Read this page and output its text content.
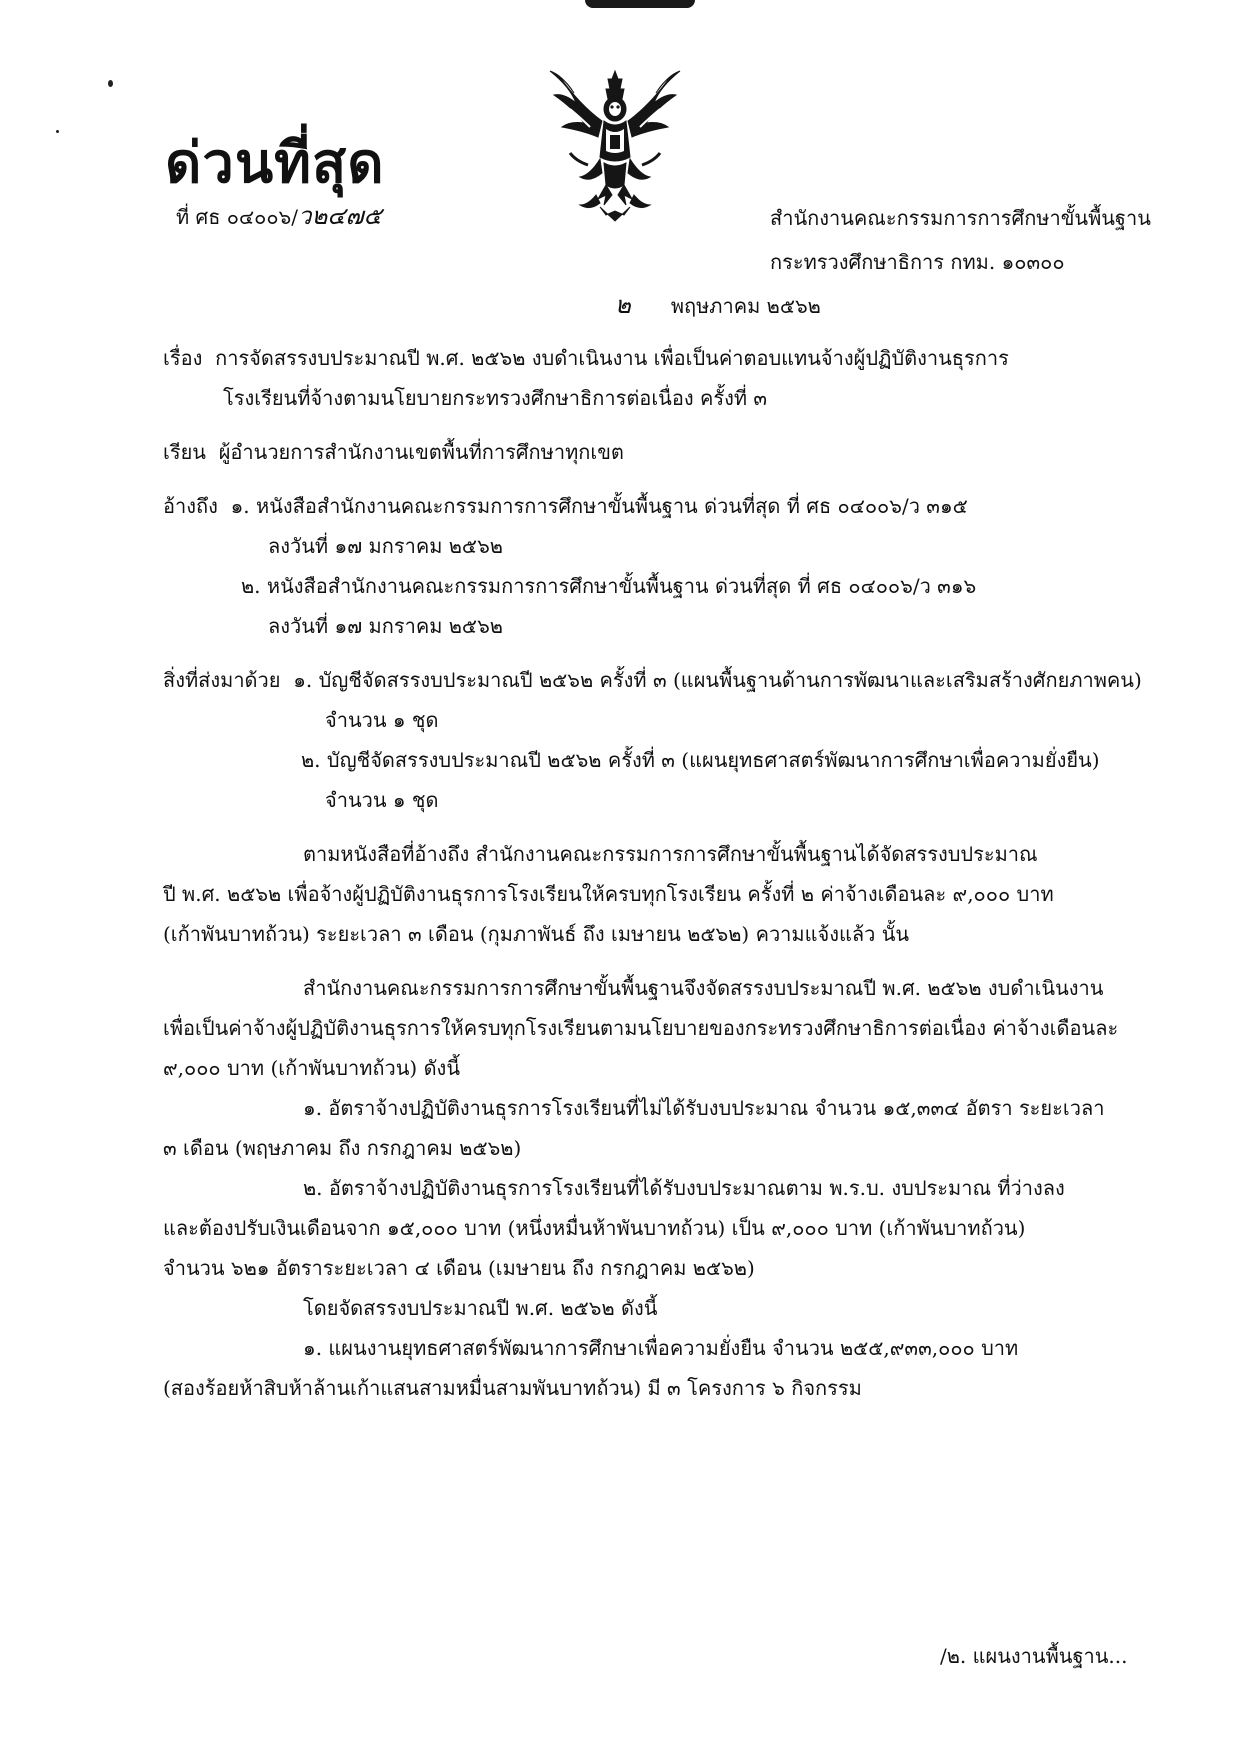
ด่วนที่สุด
ที่ ศธ ๐๔๐๐๖/ว๒๔๗๕	สำนักงานคณะกรรมการการศึกษาขั้นพื้นฐาน
กระทรวงศึกษาธิการ กทม. ๑๐๓๐๐
๒ พฤษภาคม ๒๕๖๒

เรื่อง การจัดสรรงบประมาณปี พ.ศ. ๒๕๖๒ งบดำเนินงาน เพื่อเป็นค่าตอบแทนจ้างผู้ปฏิบัติงานธุรการ

โรงเรียนที่จ้างตามนโยบายกระทรวงศึกษาธิการต่อเนื่อง ครั้งที่ ๓

เรียน ผู้อำนวยการสำนักงานเขตพื้นที่การศึกษาทุกเขต

อ้างถึง ๑. หนังสือสำนักงานคณะกรรมการการศึกษาขั้นพื้นฐาน ด่วนที่สุด ที่ ศธ ๐๔๐๐๖/ว ๓๑๕

ลงวันที่ ๑๗ มกราคม ๒๕๖๒

๒. หนังสือสำนักงานคณะกรรมการการศึกษาขั้นพื้นฐาน ด่วนที่สุด ที่ ศธ ๐๔๐๐๖/ว ๓๑๖

ลงวันที่ ๑๗ มกราคม ๒๕๖๒

สิ่งที่ส่งมาด้วย ๑. บัญชีจัดสรรงบประมาณปี ๒๕๖๒ ครั้งที่ ๓ (แผนพื้นฐานด้านการพัฒนาและเสริมสร้างศักยภาพคน)

จำนวน ๑ ชุด

๒. บัญชีจัดสรรงบประมาณปี ๒๕๖๒ ครั้งที่ ๓ (แผนยุทธศาสตร์พัฒนาการศึกษาเพื่อความยั่งยืน)

จำนวน ๑ ชุด

ตามหนังสือที่อ้างถึง สำนักงานคณะกรรมการการศึกษาขั้นพื้นฐานได้จัดสรรงบประมาณ

ปี พ.ศ. ๒๕๖๒ เพื่อจ้างผู้ปฏิบัติงานธุรการโรงเรียนให้ครบทุกโรงเรียน ครั้งที่ ๒ ค่าจ้างเดือนละ ๙,๐๐๐ บาท

(เก้าพันบาทถ้วน) ระยะเวลา ๓ เดือน (กุมภาพันธ์ ถึง เมษายน ๒๕๖๒) ความแจ้งแล้ว นั้น

สำนักงานคณะกรรมการการศึกษาขั้นพื้นฐานจึงจัดสรรงบประมาณปี พ.ศ. ๒๕๖๒ งบดำเนินงาน

เพื่อเป็นค่าจ้างผู้ปฏิบัติงานธุรการให้ครบทุกโรงเรียนตามนโยบายของกระทรวงศึกษาธิการต่อเนื่อง ค่าจ้างเดือนละ

๙,๐๐๐ บาท (เก้าพันบาทถ้วน) ดังนี้

๑. อัตราจ้างปฏิบัติงานธุรการโรงเรียนที่ไม่ได้รับงบประมาณ จำนวน ๑๕,๓๓๔ อัตรา ระยะเวลา

๓ เดือน (พฤษภาคม ถึง กรกฎาคม ๒๕๖๒)

๒. อัตราจ้างปฏิบัติงานธุรการโรงเรียนที่ได้รับงบประมาณตาม พ.ร.บ. งบประมาณ ที่ว่างลง

และต้องปรับเงินเดือนจาก ๑๕,๐๐๐ บาท (หนึ่งหมื่นห้าพันบาทถ้วน) เป็น ๙,๐๐๐ บาท (เก้าพันบาทถ้วน)

จำนวน ๖๒๑ อัตราระยะเวลา ๔ เดือน (เมษายน ถึง กรกฎาคม ๒๕๖๒)

โดยจัดสรรงบประมาณปี พ.ศ. ๒๕๖๒ ดังนี้

๑. แผนงานยุทธศาสตร์พัฒนาการศึกษาเพื่อความยั่งยืน จำนวน ๒๕๕,๙๓๓,๐๐๐ บาท

(สองร้อยห้าสิบห้าล้านเก้าแสนสามหมื่นสามพันบาทถ้วน) มี ๓ โครงการ ๖ กิจกรรม

/๒. แผนงานพื้นฐาน...
